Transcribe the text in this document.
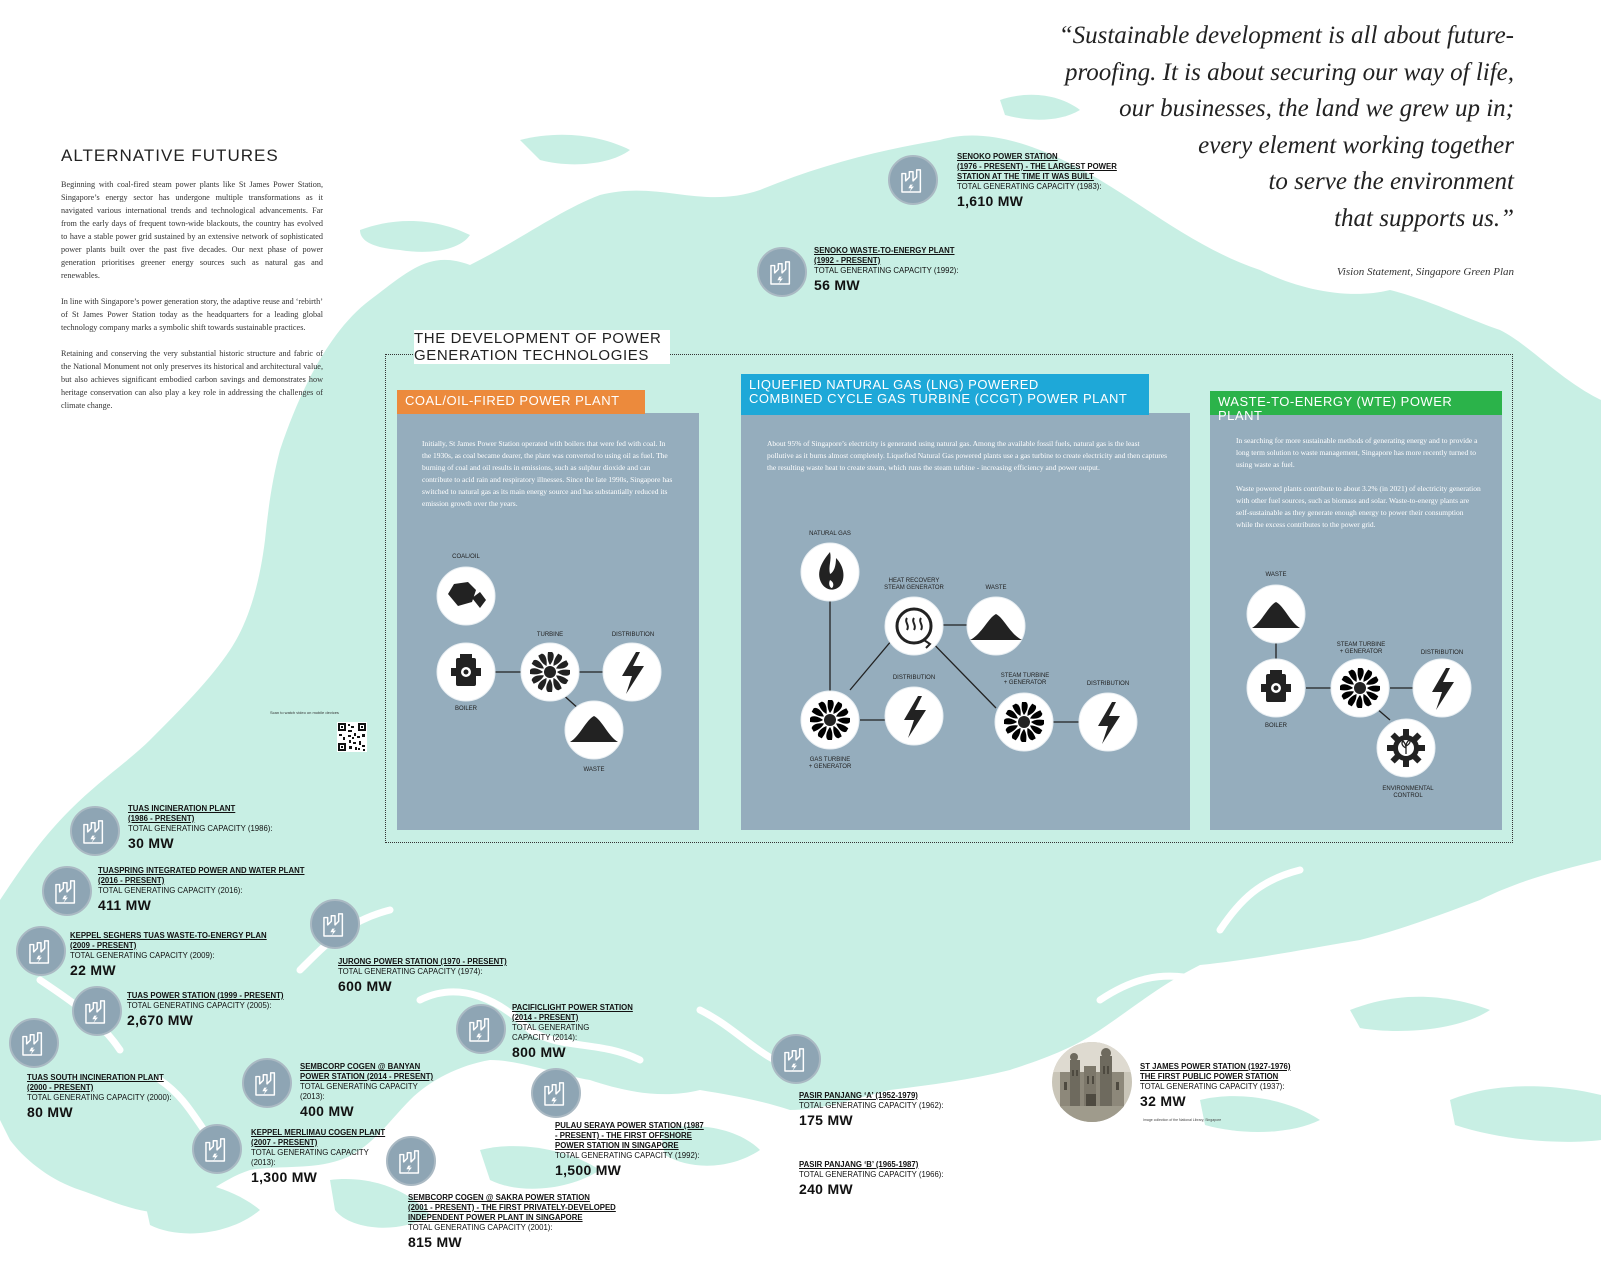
“Sustainable development is all about future-
proofing. It is about securing our way of life,
our businesses, the land we grew up in;
every element working together
to serve the environment
that supports us.”
Vision Statement, Singapore Green Plan
ALTERNATIVE FUTURES

Beginning with coal-fired steam power plants like St James Power Station, Singapore’s energy sector has undergone multiple transformations as it navigated various international trends and technological advancements. Far from the early days of frequent town-wide blackouts, the country has evolved to have a stable power grid sustained by an extensive network of sophisticated power plants built over the past five decades. Our next phase of power generation prioritises greener energy sources such as natural gas and renewables.

In line with Singapore’s power generation story, the adaptive reuse and ‘rebirth’ of St James Power Station today as the headquarters for a leading global technology company marks a symbolic shift towards sustainable practices.

Retaining and conserving the very substantial historic structure and fabric of the National Monument not only preserves its historical and architectural value, but also achieves significant embodied carbon savings and demonstrates how heritage conservation can also play a key role in addressing the challenges of climate change.

Scan to watch video on mobile devices
THE DEVELOPMENT OF POWER
GENERATION TECHNOLOGIES
COAL/OIL-FIRED POWER PLANT

Initially, St James Power Station operated with boilers that were fed with coal. In the 1930s, as coal became dearer, the plant was converted to using oil as fuel. The burning of coal and oil results in emissions, such as sulphur dioxide and can contribute to acid rain and respiratory illnesses. Since the late 1990s, Singapore has switched to natural gas as its main energy source and has substantially reduced its emission growth over the years.

COAL/OIL
BOILER
TURBINE	DISTRIBUTION
WASTE
LIQUEFIED NATURAL GAS (LNG) POWERED
COMBINED CYCLE GAS TURBINE (CCGT) POWER PLANT

About 95% of Singapore’s electricity is generated using natural gas. Among the available fossil fuels, natural gas is the least pollutive as it burns almost completely. Liquefied Natural Gas powered plants use a gas turbine to create electricity and then captures the resulting waste heat to create steam, which runs the steam turbine - increasing efficiency and power output.

NATURAL GAS
HEAT RECOVERY
STEAM GENERATOR	WASTE
DISTRIBUTION	STEAM TURBINE
+ GENERATOR	DISTRIBUTION
GAS TURBINE
+ GENERATOR
WASTE-TO-ENERGY (WTE) POWER PLANT

In searching for more sustainable methods of generating energy and to provide a long term solution to waste management, Singapore has more recently turned to using waste as fuel.

Waste powered plants contribute to about 3.2% (in 2021) of electricity generation with other fuel sources, such as biomass and solar. Waste-to-energy plants are self-sustainable as they generate enough energy to power their consumption while the excess contributes to the power grid.

WASTE
STEAM TURBINE
+ GENERATOR	DISTRIBUTION
BOILER
ENVIRONMENTAL
CONTROL
Image collection of the National Library, Singapore
SENOKO POWER STATION
(1976 - PRESENT) - THE LARGEST POWER
STATION AT THE TIME IT WAS BUILT
TOTAL GENERATING CAPACITY (1983):
1,610 MW
SENOKO WASTE-TO-ENERGY PLANT
(1992 - PRESENT)
TOTAL GENERATING CAPACITY (1992):
56 MW
TUAS INCINERATION PLANT
(1986 - PRESENT)
TOTAL GENERATING CAPACITY (1986):
30 MW
TUASPRING INTEGRATED POWER AND WATER PLANT
(2016 - PRESENT)
TOTAL GENERATING CAPACITY (2016):
411 MW
KEPPEL SEGHERS TUAS WASTE-TO-ENERGY PLAN
(2009 - PRESENT)
TOTAL GENERATING CAPACITY (2009):
22 MW
TUAS POWER STATION (1999 - PRESENT)
TOTAL GENERATING CAPACITY (2005):
2,670 MW
TUAS SOUTH INCINERATION PLANT
(2000 - PRESENT)
TOTAL GENERATING CAPACITY (2000):
80 MW
JURONG POWER STATION (1970 - PRESENT)
TOTAL GENERATING CAPACITY (1974):
600 MW
PACIFICLIGHT POWER STATION
(2014 - PRESENT)
TOTAL GENERATING
CAPACITY (2014):
800 MW
SEMBCORP COGEN @ BANYAN
POWER STATION (2014 - PRESENT)
TOTAL GENERATING CAPACITY
(2013):
400 MW
KEPPEL MERLIMAU COGEN PLANT
(2007 - PRESENT)
TOTAL GENERATING CAPACITY
(2013):
1,300 MW
PULAU SERAYA POWER STATION (1987
- PRESENT) - THE FIRST OFFSHORE
POWER STATION IN SINGAPORE
TOTAL GENERATING CAPACITY (1992):
1,500 MW
SEMBCORP COGEN @ SAKRA POWER STATION
(2001 - PRESENT) - THE FIRST PRIVATELY-DEVELOPED
INDEPENDENT POWER PLANT IN SINGAPORE
TOTAL GENERATING CAPACITY (2001):
815 MW
PASIR PANJANG ‘A’ (1952-1979)
TOTAL GENERATING CAPACITY (1962):
175 MW
PASIR PANJANG ‘B’ (1965-1987)
TOTAL GENERATING CAPACITY (1966):
240 MW
ST JAMES POWER STATION (1927-1976)
THE FIRST PUBLIC POWER STATION
TOTAL GENERATING CAPACITY (1937):
32 MW
